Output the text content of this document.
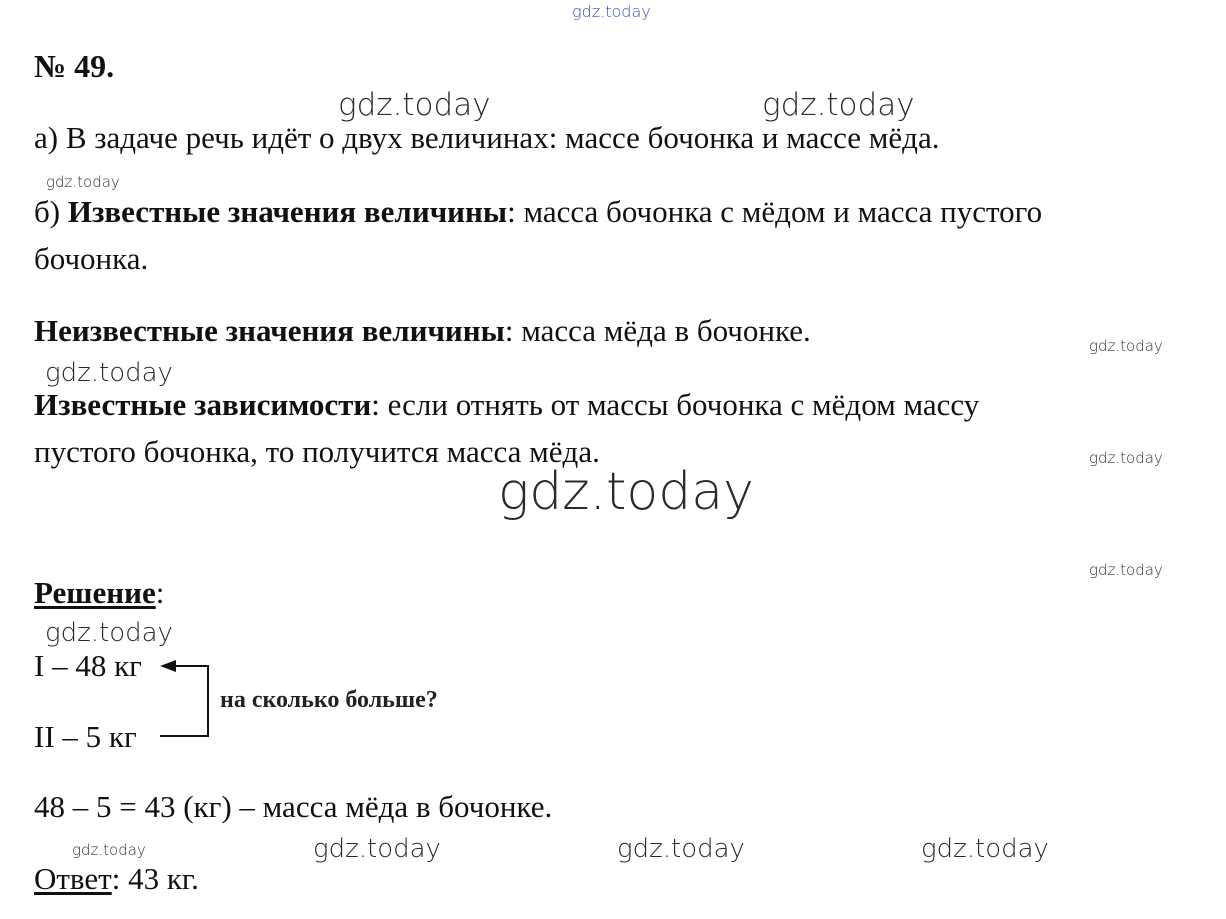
gdz.today
gdz.today	gdz.today
gdz.today
gdz.today
gdz.today
gdz.today
gdz.today
gdz.today
gdz.today
gdz.today	gdz.today	gdz.today	gdz.today
№ 49.
а) В задаче речь идёт о двух величинах: массе бочонка и массе мёда.
б) Известные значения величины: масса бочонка с мёдом и масса пустого
бочонка.
Неизвестные значения величины: масса мёда в бочонке.
Известные зависимости: если отнять от массы бочонка с мёдом массу
пустого бочонка, то получится масса мёда.
Решение:
I – 48 кг
II – 5 кг
на сколько больше?
48 – 5 = 43 (кг) – масса мёда в бочонке.
Ответ: 43 кг.
